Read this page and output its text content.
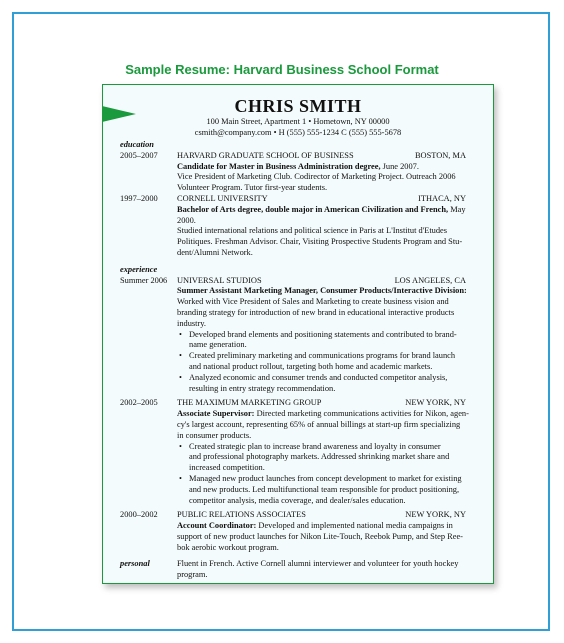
Sample Resume: Harvard Business School Format
CHRIS SMITH
100 Main Street, Apartment 1 • Hometown, NY 00000
csmith@company.com • H (555) 555-1234 C (555) 555-5678
education
2005–2007	HARVARD GRADUATE SCHOOL OF BUSINESS	BOSTON, MA
Candidate for Master in Business Administration degree, June 2007.
Vice President of Marketing Club. Codirector of Marketing Project. Outreach 2006
Volunteer Program. Tutor first-year students.
1997–2000	CORNELL UNIVERSITY	ITHACA, NY
Bachelor of Arts degree, double major in American Civilization and French, May 2000.
Studied international relations and political science in Paris at L'Institut d'Etudes
Politiques. Freshman Advisor. Chair, Visiting Prospective Students Program and Stu-
dent/Alumni Network.
experience
Summer 2006	UNIVERSAL STUDIOS	LOS ANGELES, CA
Summer Assistant Marketing Manager, Consumer Products/Interactive Division:
Worked with Vice President of Sales and Marketing to create business vision and
branding strategy for introduction of new brand in educational interactive products
industry.
• Developed brand elements and positioning statements and contributed to brand-
name generation.
• Created preliminary marketing and communications programs for brand launch
and national product rollout, targeting both home and academic markets.
• Analyzed economic and consumer trends and conducted competitor analysis,
resulting in entry strategy recommendation.
2002–2005	THE MAXIMUM MARKETING GROUP	NEW YORK, NY
Associate Supervisor: Directed marketing communications activities for Nikon, agen-
cy's largest account, representing 65% of annual billings at start-up firm specializing
in consumer products.
• Created strategic plan to increase brand awareness and loyalty in consumer
and professional photography markets. Addressed shrinking market share and
increased competition.
• Managed new product launches from concept development to market for existing
and new products. Led multifunctional team responsible for product positioning,
competitor analysis, media coverage, and dealer/sales education.
2000–2002	PUBLIC RELATIONS ASSOCIATES	NEW YORK, NY
Account Coordinator: Developed and implemented national media campaigns in
support of new product launches for Nikon Lite-Touch, Reebok Pump, and Step Ree-
bok aerobic workout program.
personal	Fluent in French. Active Cornell alumni interviewer and volunteer for youth hockey
program.
